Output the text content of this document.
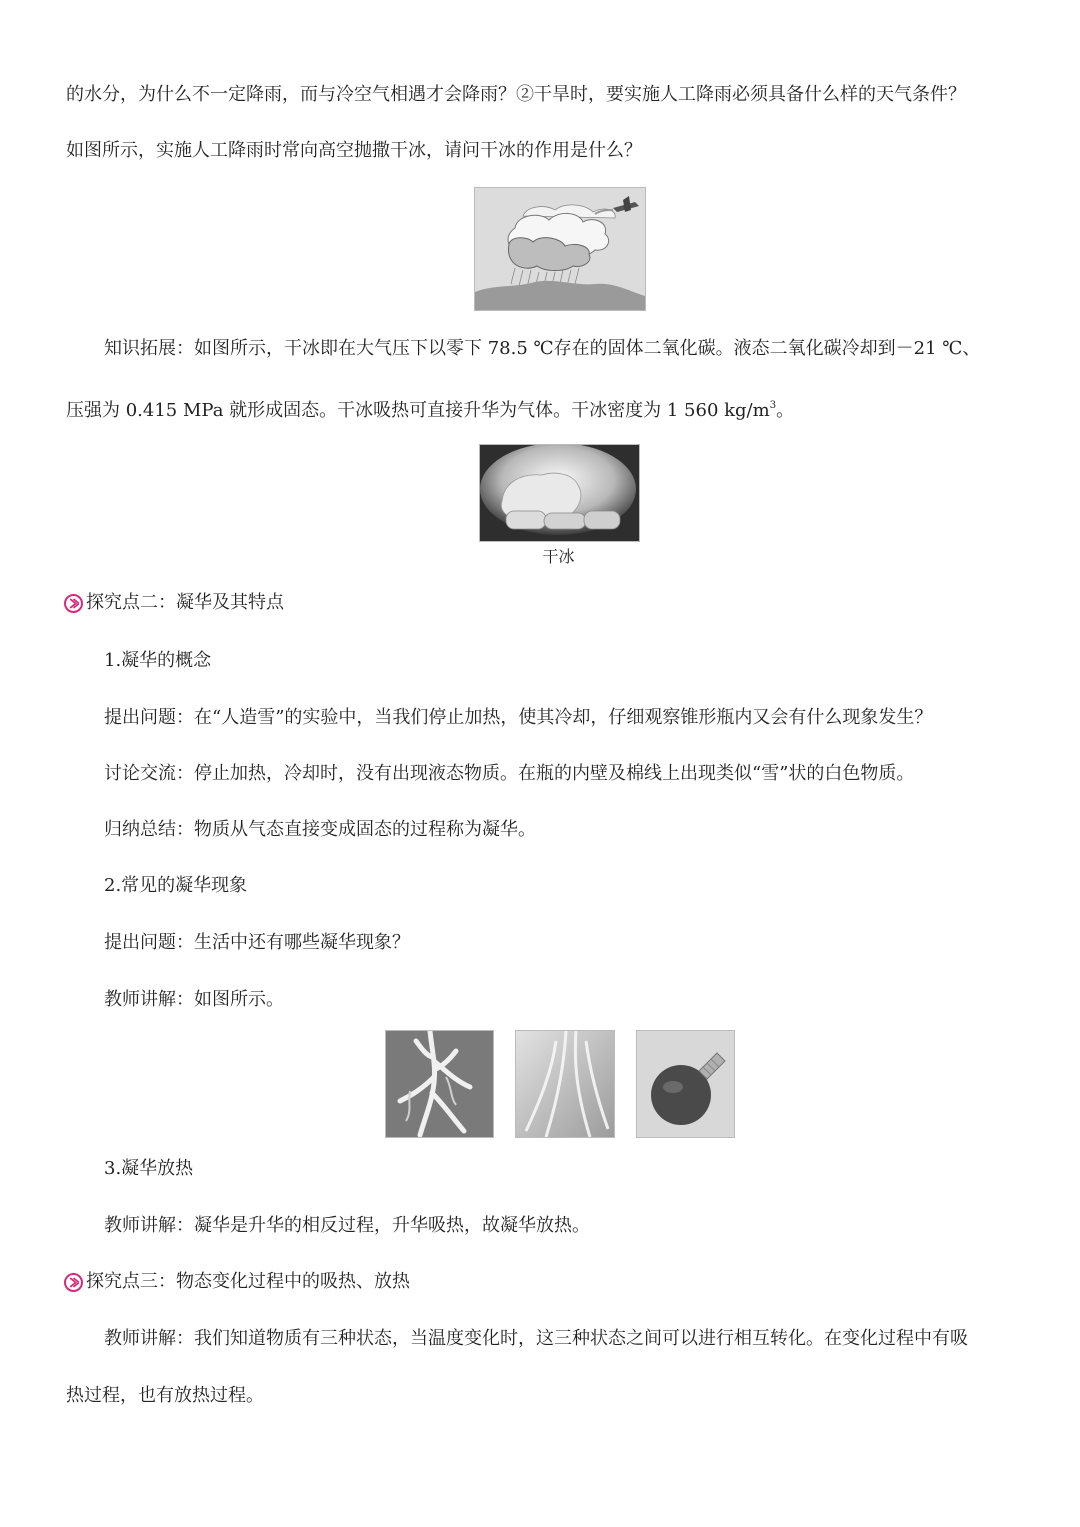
的水分，为什么不一定降雨，而与冷空气相遇才会降雨？②干旱时，要实施人工降雨必须具备什么样的天气条件？
如图所示，实施人工降雨时常向高空抛撒干冰，请问干冰的作用是什么？
知识拓展：如图所示，干冰即在大气压下以零下 78.5 ℃存在的固体二氧化碳。液态二氧化碳冷却到－21 ℃、
压强为 0.415 MPa 就形成固态。干冰吸热可直接升华为气体。干冰密度为 1 560 $kg/m^3$。
干冰
探究点二：凝华及其特点
1.凝华的概念
提出问题：在“人造雪”的实验中，当我们停止加热，使其冷却，仔细观察锥形瓶内又会有什么现象发生？
讨论交流：停止加热，冷却时，没有出现液态物质。在瓶的内壁及棉线上出现类似“雪”状的白色物质。
归纳总结：物质从气态直接变成固态的过程称为凝华。
2.常见的凝华现象
提出问题：生活中还有哪些凝华现象？
教师讲解：如图所示。
3.凝华放热
教师讲解：凝华是升华的相反过程，升华吸热，故凝华放热。
探究点三：物态变化过程中的吸热、放热
教师讲解：我们知道物质有三种状态，当温度变化时，这三种状态之间可以进行相互转化。在变化过程中有吸
热过程，也有放热过程。
